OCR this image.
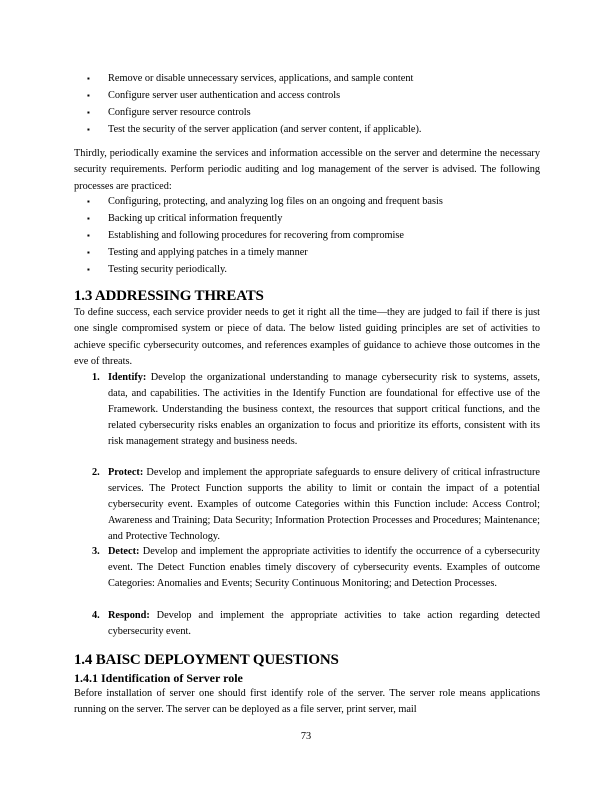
▪ Remove or disable unnecessary services, applications, and sample content
▪ Configure server user authentication and access controls
▪ Configure server resource controls
▪ Test the security of the server application (and server content, if applicable).
Thirdly, periodically examine the services and information accessible on the server and determine the necessary security requirements. Perform periodic auditing and log management of the server is advised. The following processes are practiced:
▪ Configuring, protecting, and analyzing log files on an ongoing and frequent basis
▪ Backing up critical information frequently
▪ Establishing and following procedures for recovering from compromise
▪ Testing and applying patches in a timely manner
▪ Testing security periodically.
1.3 ADDRESSING THREATS
To define success, each service provider needs to get it right all the time—they are judged to fail if there is just one single compromised system or piece of data. The below listed guiding principles are set of activities to achieve specific cybersecurity outcomes, and references examples of guidance to achieve those outcomes in the eve of threats.
1. Identify: Develop the organizational understanding to manage cybersecurity risk to systems, assets, data, and capabilities. The activities in the Identify Function are foundational for effective use of the Framework. Understanding the business context, the resources that support critical functions, and the related cybersecurity risks enables an organization to focus and prioritize its efforts, consistent with its risk management strategy and business needs.
2. Protect: Develop and implement the appropriate safeguards to ensure delivery of critical infrastructure services. The Protect Function supports the ability to limit or contain the impact of a potential cybersecurity event. Examples of outcome Categories within this Function include: Access Control; Awareness and Training; Data Security; Information Protection Processes and Procedures; Maintenance; and Protective Technology.
3. Detect: Develop and implement the appropriate activities to identify the occurrence of a cybersecurity event. The Detect Function enables timely discovery of cybersecurity events. Examples of outcome Categories: Anomalies and Events; Security Continuous Monitoring; and Detection Processes.
4. Respond: Develop and implement the appropriate activities to take action regarding detected cybersecurity event.
1.4 BAISC DEPLOYMENT QUESTIONS
1.4.1 Identification of Server role
Before installation of server one should first identify role of the server. The server role means applications running on the server. The server can be deployed as a file server, print server, mail
73
